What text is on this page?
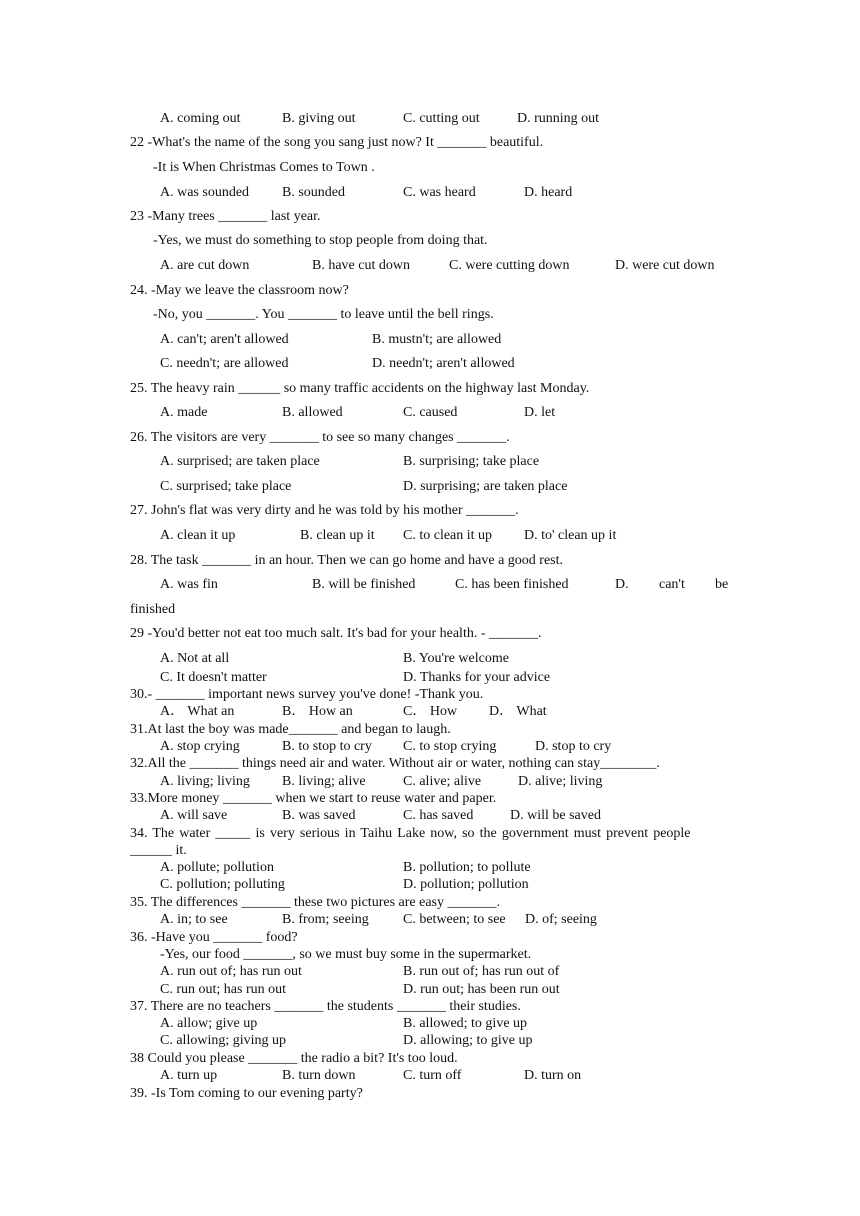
A. coming out	B. giving out	C. cutting out	D. running out
22 -What's the name of the song you sang just now? It _______ beautiful.
-It is When Christmas Comes to Town .
A. was sounded B. sounded	C. was heard	D. heard
23 -Many trees _______ last year.
-Yes, we must do something to stop people from doing that.
A. are cut down	B. have cut down	C. were cutting down	D. were cut down
24. -May we leave the classroom now?
-No, you _______. You _______ to leave until the bell rings.
A. can't; aren't allowed	B. mustn't; are allowed
C. needn't; are allowed	D. needn't; aren't allowed
25. The heavy rain ______ so many traffic accidents on the highway last Monday.
A. made	B. allowed	C. caused	D. let
26. The visitors are very _______ to see so many changes _______.
A. surprised; are taken place	B. surprising; take place
C. surprised; take place	D. surprising; are taken place
27. John's flat was very dirty and he was told by his mother _______.
A. clean it up	B. clean up it C. to clean it up D. to' clean up it
28. The task _______ in an hour. Then we can go home and have a good rest.
A. was fin	B. will be finished	C. has been finished	D. can't be
finished
29 -You'd better not eat too much salt. It's bad for your health. - _______.
A. Not at all	B. You're welcome
C. It doesn't matter	D. Thanks for your advice
30.- _______ important news survey you've done! -Thank you.
A． What an	B． How an	C． How D． What
31.At last the boy was made_______ and began to laugh.
A. stop crying	B. to stop to cry C. to stop crying	D. stop to cry
32.All the _______ things need air and water. Without air or water, nothing can stay________.
A. living; living B. living; alive	C. alive; alive	D. alive; living
33.More money _______ when we start to reuse water and paper.
A. will save	B. was saved	C. has saved	D. will be saved
34. The water _____ is very serious in Taihu Lake now, so the government must prevent people
______ it.
A. pollute; pollution	B. pollution; to pollute
C. pollution; polluting	D. pollution; pollution
35. The differences _______ these two pictures are easy _______.
A. in; to see	B. from; seeing C. between; to see D. of; seeing
36. -Have you _______ food?
-Yes, our food _______, so we must buy some in the supermarket.
A. run out of; has run out	B. run out of; has run out of
C. run out; has run out	D. run out; has been run out
37. There are no teachers _______ the students _______ their studies.
A. allow; give up	B. allowed; to give up
C. allowing; giving up	D. allowing; to give up
38 Could you please _______ the radio a bit? It's too loud.
A. turn up	B. turn down	C. turn off	D. turn on
39. -Is Tom coming to our evening party?
